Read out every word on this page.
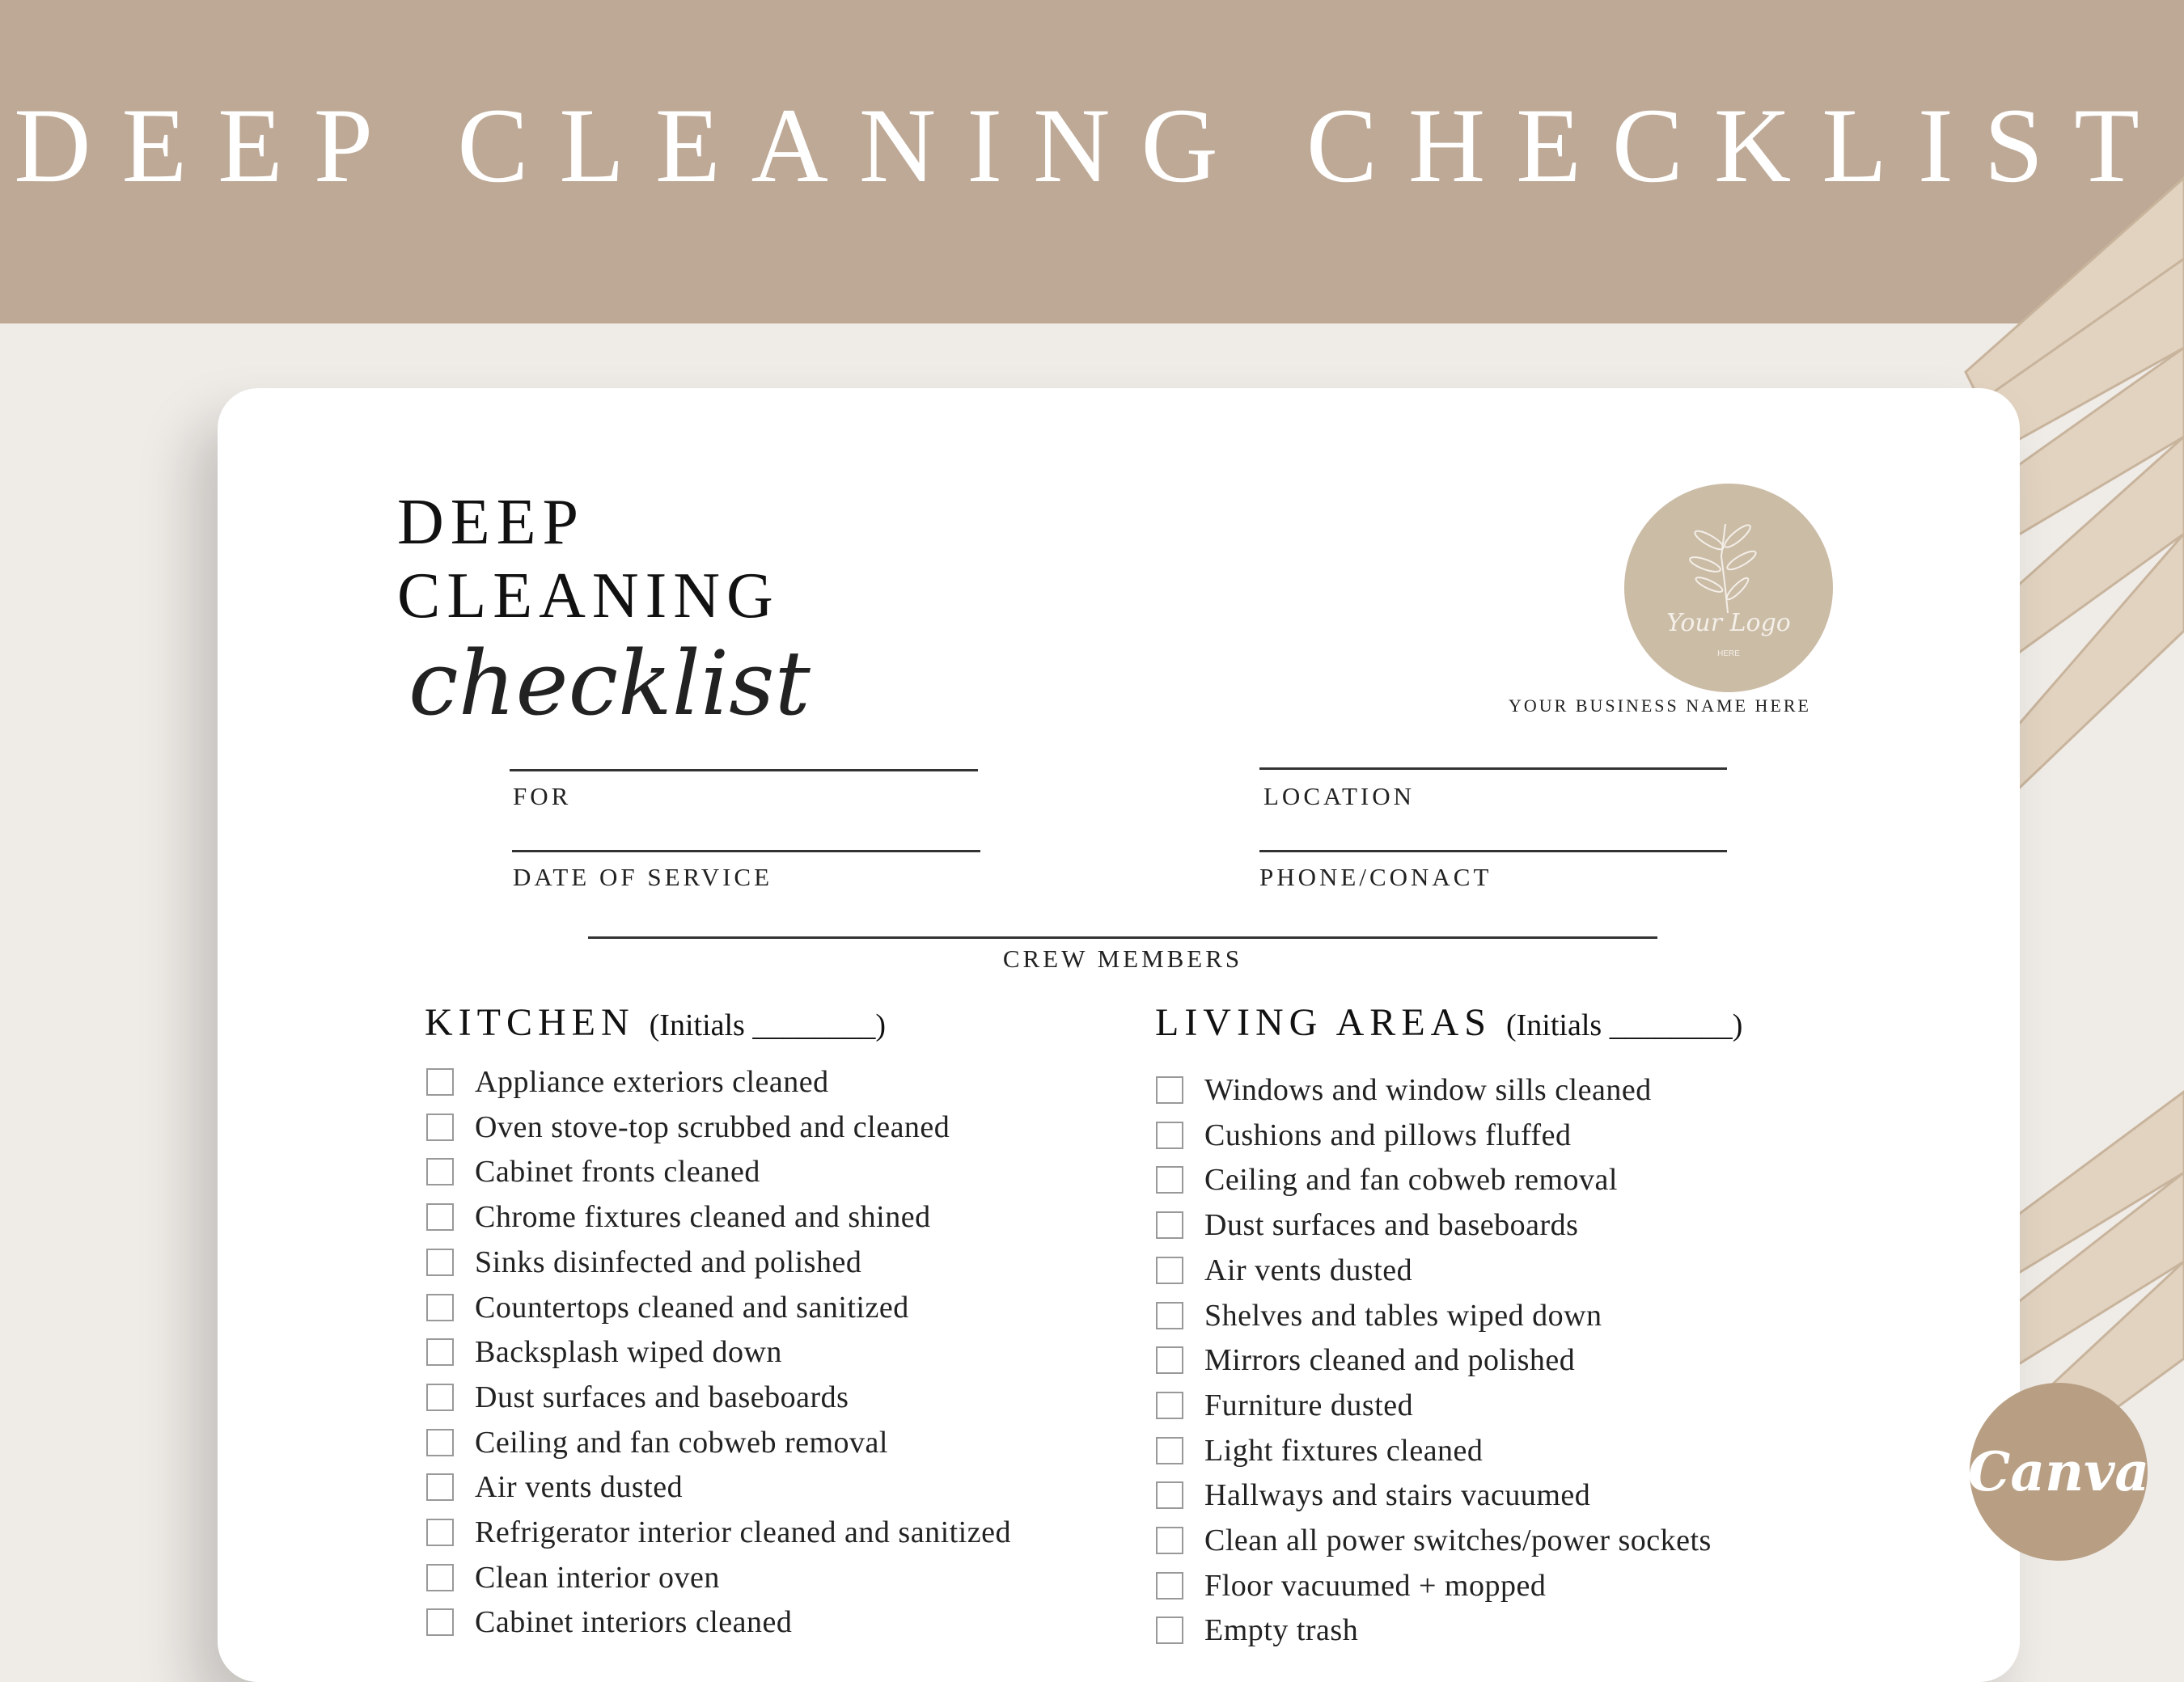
DEEP CLEANING CHECKLIST
DEEP
CLEANING
checklist
Your Logo
HERE
YOUR BUSINESS NAME HERE
FOR	LOCATION
DATE OF SERVICE	PHONE/CONACT
CREW MEMBERS
KITCHEN (Initials ________)	LIVING AREAS (Initials ________)
Appliance exteriors cleaned
Oven stove-top scrubbed and cleaned
Cabinet fronts cleaned
Chrome fixtures cleaned and shined
Sinks disinfected and polished
Countertops cleaned and sanitized
Backsplash wiped down
Dust surfaces and baseboards
Ceiling and fan cobweb removal
Air vents dusted
Refrigerator interior cleaned and sanitized
Clean interior oven
Cabinet interiors cleaned
Windows and window sills cleaned
Cushions and pillows fluffed
Ceiling and fan cobweb removal
Dust surfaces and baseboards
Air vents dusted
Shelves and tables wiped down
Mirrors cleaned and polished
Furniture dusted
Light fixtures cleaned
Hallways and stairs vacuumed
Clean all power switches/power sockets
Floor vacuumed + mopped
Empty trash
Canva
